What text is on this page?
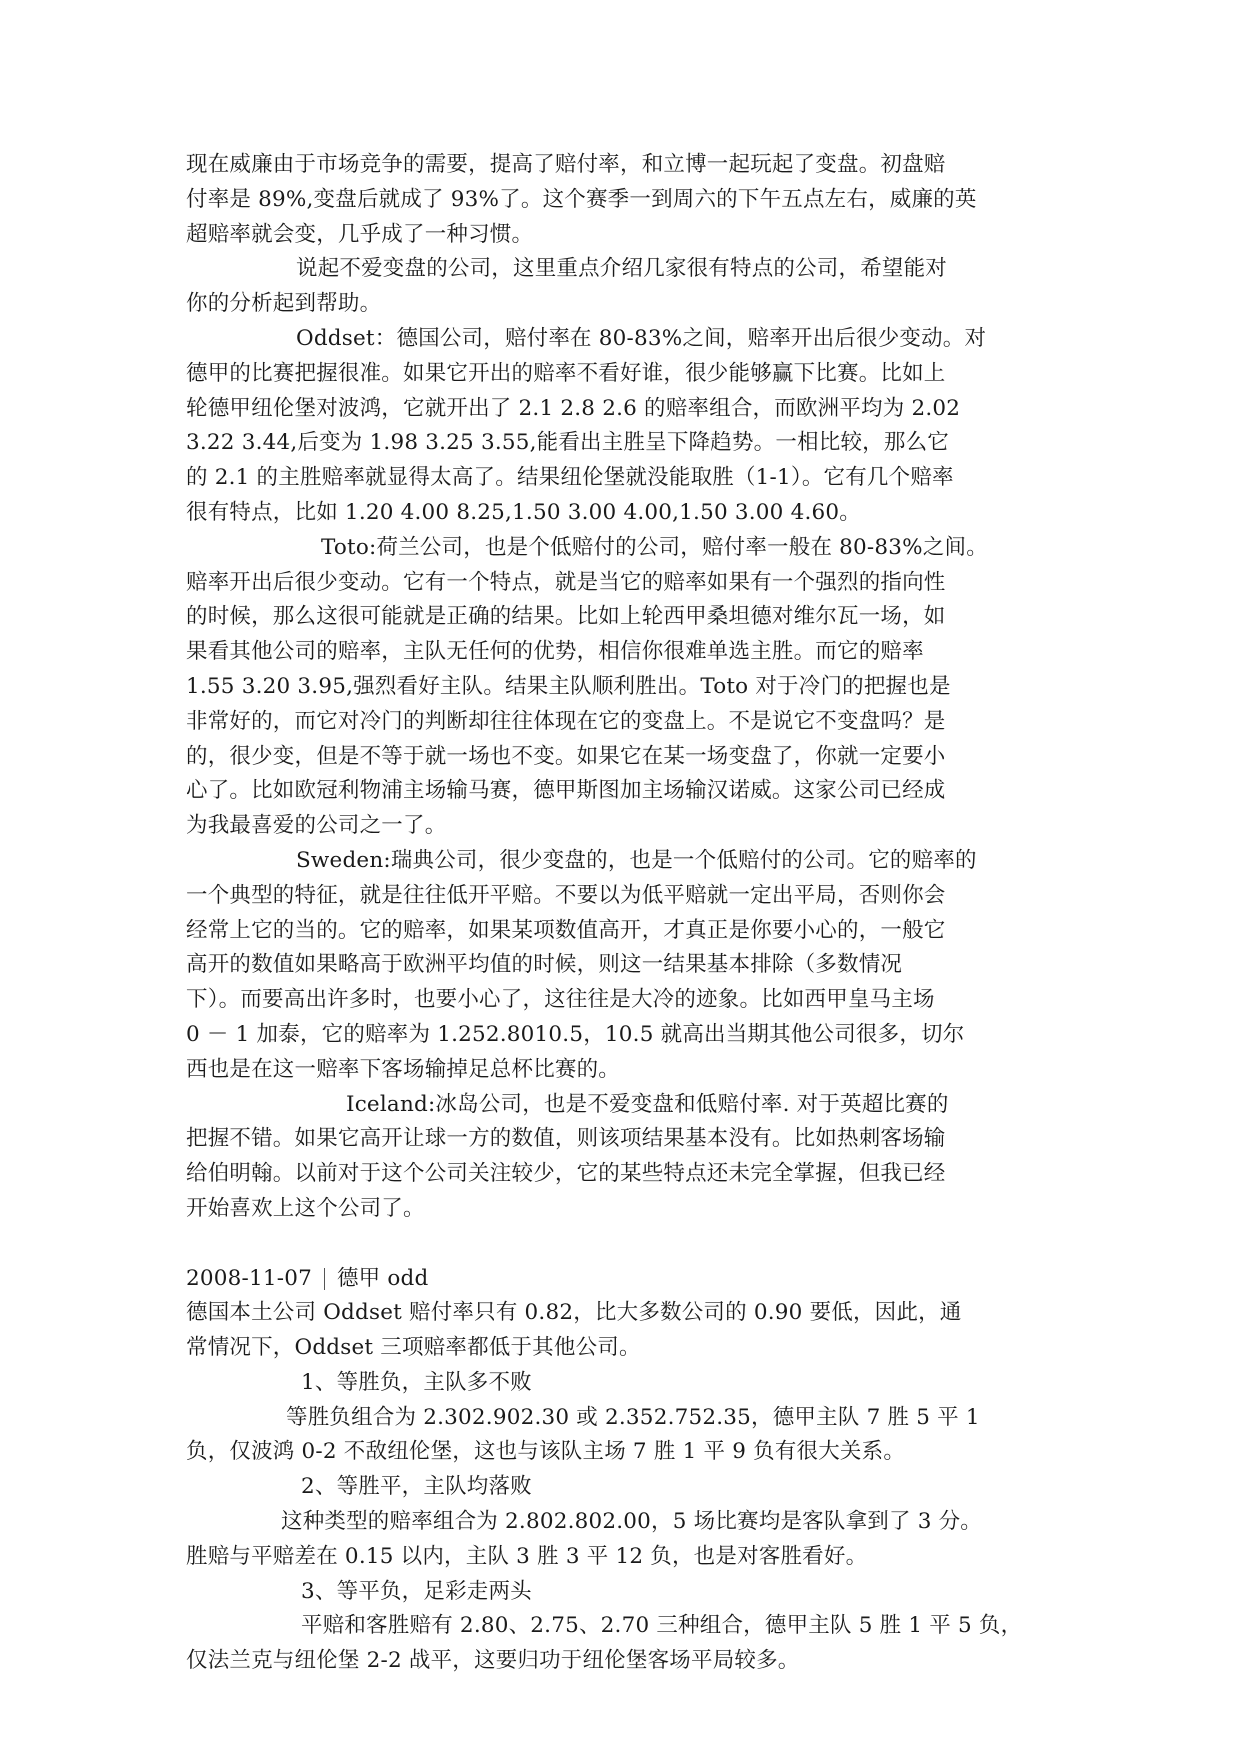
现在威廉由于市场竞争的需要，提高了赔付率，和立博一起玩起了变盘。初盘赔
付率是 89%,变盘后就成了 93%了。这个赛季一到周六的下午五点左右，威廉的英
超赔率就会变，几乎成了一种习惯。
说起不爱变盘的公司，这里重点介绍几家很有特点的公司，希望能对
你的分析起到帮助。
Oddset：德国公司，赔付率在 80-83%之间，赔率开出后很少变动。对
德甲的比赛把握很准。如果它开出的赔率不看好谁，很少能够赢下比赛。比如上
轮德甲纽伦堡对波鸿，它就开出了 2.1 2.8 2.6 的赔率组合，而欧洲平均为 2.02
3.22 3.44,后变为 1.98 3.25 3.55,能看出主胜呈下降趋势。一相比较，那么它
的 2.1 的主胜赔率就显得太高了。结果纽伦堡就没能取胜（1-1）。它有几个赔率
很有特点，比如 1.20 4.00 8.25,1.50 3.00 4.00,1.50 3.00 4.60。
Toto:荷兰公司，也是个低赔付的公司，赔付率一般在 80-83%之间。
赔率开出后很少变动。它有一个特点，就是当它的赔率如果有一个强烈的指向性
的时候，那么这很可能就是正确的结果。比如上轮西甲桑坦德对维尔瓦一场，如
果看其他公司的赔率，主队无任何的优势，相信你很难单选主胜。而它的赔率
1.55 3.20 3.95,强烈看好主队。结果主队顺利胜出。Toto 对于冷门的把握也是
非常好的，而它对冷门的判断却往往体现在它的变盘上。不是说它不变盘吗？是
的，很少变，但是不等于就一场也不变。如果它在某一场变盘了，你就一定要小
心了。比如欧冠利物浦主场输马赛，德甲斯图加主场输汉诺威。这家公司已经成
为我最喜爱的公司之一了。
Sweden:瑞典公司，很少变盘的，也是一个低赔付的公司。它的赔率的
一个典型的特征，就是往往低开平赔。不要以为低平赔就一定出平局，否则你会
经常上它的当的。它的赔率，如果某项数值高开，才真正是你要小心的，一般它
高开的数值如果略高于欧洲平均值的时候，则这一结果基本排除（多数情况
下）。而要高出许多时，也要小心了，这往往是大冷的迹象。比如西甲皇马主场
0 － 1 加泰，它的赔率为 1.252.8010.5，10.5 就高出当期其他公司很多，切尔
西也是在这一赔率下客场输掉足总杯比赛的。
Iceland:冰岛公司，也是不爱变盘和低赔付率. 对于英超比赛的
把握不错。如果它高开让球一方的数值，则该项结果基本没有。比如热刺客场输
给伯明翰。以前对于这个公司关注较少，它的某些特点还未完全掌握，但我已经
开始喜欢上这个公司了。
2008-11-07 德甲 odd
德国本土公司 Oddset 赔付率只有 0.82，比大多数公司的 0.90 要低，因此，通
常情况下，Oddset 三项赔率都低于其他公司。
1、等胜负，主队多不败
等胜负组合为 2.302.902.30 或 2.352.752.35，德甲主队 7 胜 5 平 1
负，仅波鸿 0-2 不敌纽伦堡，这也与该队主场 7 胜 1 平 9 负有很大关系。
2、等胜平，主队均落败
这种类型的赔率组合为 2.802.802.00，5 场比赛均是客队拿到了 3 分。
胜赔与平赔差在 0.15 以内，主队 3 胜 3 平 12 负，也是对客胜看好。
3、等平负，足彩走两头
平赔和客胜赔有 2.80、2.75、2.70 三种组合，德甲主队 5 胜 1 平 5 负，
仅法兰克与纽伦堡 2-2 战平，这要归功于纽伦堡客场平局较多。
